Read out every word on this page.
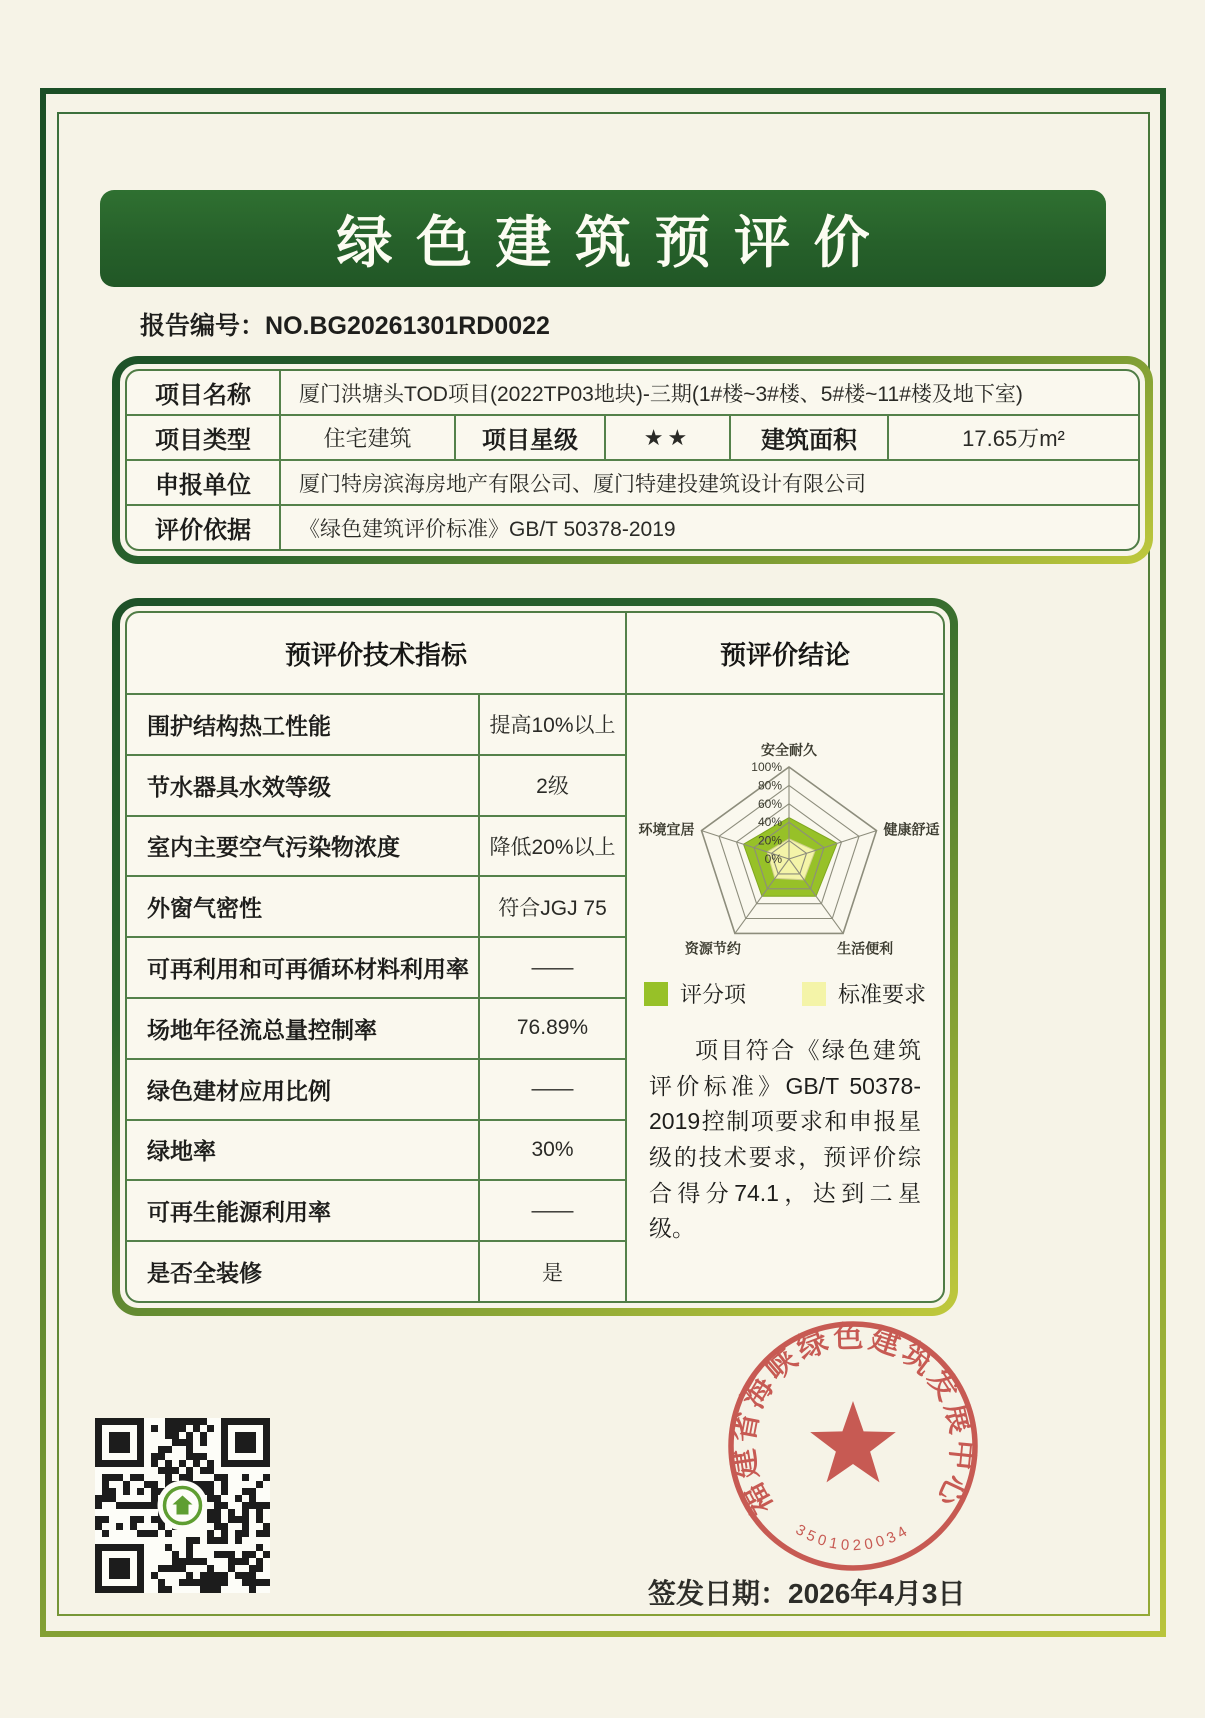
绿色建筑预评价
报告编号：NO.BG20261301RD0022
项目名称	厦门洪塘头TOD项目(2022TP03地块)-三期(1#楼~3#楼、5#楼~11#楼及地下室)
项目类型	住宅建筑	项目星级	★★	建筑面积	17.65万m²
申报单位	厦门特房滨海房地产有限公司、厦门特建投建筑设计有限公司
评价依据	《绿色建筑评价标准》GB/T 50378-2019
预评价技术指标	预评价结论
围护结构热工性能	提高10%以上
节水器具水效等级	2级
室内主要空气污染物浓度	降低20%以上
外窗气密性	符合JGJ 75
可再利用和可再循环材料利用率	——
场地年径流总量控制率	76.89%
绿色建材应用比例	——
绿地率	30%
可再生能源利用率	——
是否全装修	是
100%
80%
60%
40%
20%
0%
安全耐久
健康舒适
生活便利
资源节约
环境宜居
评分项	标准要求
项目符合《绿色建筑评价标准》GB/T 50378-2019控制项要求和申报星级的技术要求，预评价综合得分74.1，达到二星级。
签发日期：2026年4月3日
福建省海峡绿色建筑发展中心
3501020034
